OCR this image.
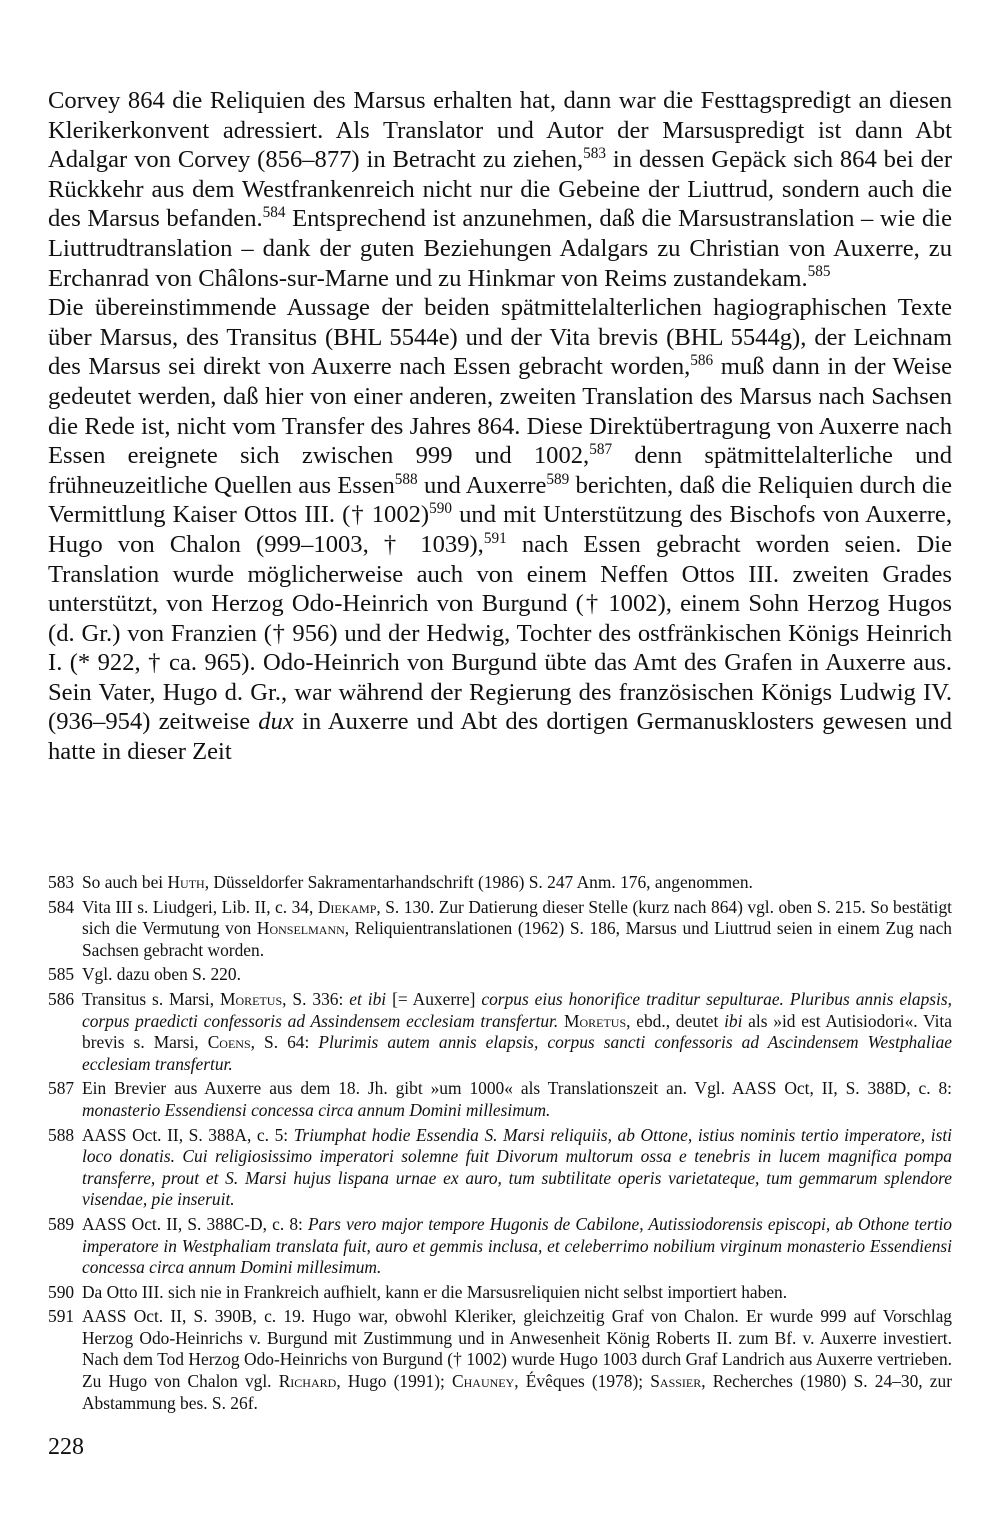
Corvey 864 die Reliquien des Marsus erhalten hat, dann war die Festtagspredigt an diesen Klerikerkonvent adressiert. Als Translator und Autor der Marsuspredigt ist dann Abt Adalgar von Corvey (856–877) in Betracht zu ziehen,$^{583}$ in dessen Gepäck sich 864 bei der Rückkehr aus dem Westfrankenreich nicht nur die Gebeine der Liuttrud, sondern auch die des Marsus befanden.$^{584}$ Entsprechend ist anzunehmen, daß die Marsustranslation – wie die Liuttrudtranslation – dank der guten Beziehungen Adalgars zu Christian von Auxerre, zu Erchanrad von Châlons-sur-Marne und zu Hinkmar von Reims zustandekam.$^{585}$

Die übereinstimmende Aussage der beiden spätmittelalterlichen hagiographischen Texte über Marsus, des Transitus (BHL 5544e) und der Vita brevis (BHL 5544g), der Leichnam des Marsus sei direkt von Auxerre nach Essen gebracht worden,$^{586}$ muß dann in der Weise gedeutet werden, daß hier von einer anderen, zweiten Translation des Marsus nach Sachsen die Rede ist, nicht vom Transfer des Jahres 864. Diese Direktübertragung von Auxerre nach Essen ereignete sich zwischen 999 und 1002,$^{587}$ denn spätmittelalterliche und frühneuzeitliche Quellen aus Essen$^{588}$ und Auxerre$^{589}$ berichten, daß die Reliquien durch die Vermittlung Kaiser Ottos III. († 1002)$^{590}$ und mit Unterstützung des Bischofs von Auxerre, Hugo von Chalon (999–1003, † 1039),$^{591}$ nach Essen gebracht worden seien. Die Translation wurde möglicherweise auch von einem Neffen Ottos III. zweiten Grades unterstützt, von Herzog Odo-Heinrich von Burgund († 1002), einem Sohn Herzog Hugos (d. Gr.) von Franzien († 956) und der Hedwig, Tochter des ostfränkischen Königs Heinrich I. (* 922, † ca. 965). Odo-Heinrich von Burgund übte das Amt des Grafen in Auxerre aus. Sein Vater, Hugo d. Gr., war während der Regierung des französischen Königs Ludwig IV. (936–954) zeitweise dux in Auxerre und Abt des dortigen Germanusklosters gewesen und hatte in dieser Zeit

583 So auch bei Huth, Düsseldorfer Sakramentarhandschrift (1986) S. 247 Anm. 176, angenommen.

584 Vita III s. Liudgeri, Lib. II, c. 34, Diekamp, S. 130. Zur Datierung dieser Stelle (kurz nach 864) vgl. oben S. 215. So bestätigt sich die Vermutung von Honselmann, Reliquientranslationen (1962) S. 186, Marsus und Liuttrud seien in einem Zug nach Sachsen gebracht worden.

585 Vgl. dazu oben S. 220.

586 Transitus s. Marsi, Moretus, S. 336: et ibi [= Auxerre] corpus eius honorifice traditur sepulturae. Pluribus annis elapsis, corpus praedicti confessoris ad Assindensem ecclesiam transfertur. Moretus, ebd., deutet ibi als »id est Autisiodori«. Vita brevis s. Marsi, Coens, S. 64: Plurimis autem annis elapsis, corpus sancti confessoris ad Ascindensem Westphaliae ecclesiam transfertur.

587 Ein Brevier aus Auxerre aus dem 18. Jh. gibt »um 1000« als Translationszeit an. Vgl. AASS Oct, II, S. 388D, c. 8: monasterio Essendiensi concessa circa annum Domini millesimum.

588 AASS Oct. II, S. 388A, c. 5: Triumphat hodie Essendia S. Marsi reliquiis, ab Ottone, istius nominis tertio imperatore, isti loco donatis. Cui religiosissimo imperatori solemne fuit Divorum multorum ossa e tenebris in lucem magnifica pompa transferre, prout et S. Marsi hujus lispana urnae ex auro, tum subtilitate operis varietateque, tum gemmarum splendore visendae, pie inseruit.

589 AASS Oct. II, S. 388C-D, c. 8: Pars vero major tempore Hugonis de Cabilone, Autissiodorensis episcopi, ab Othone tertio imperatore in Westphaliam translata fuit, auro et gemmis inclusa, et celeberrimo nobilium virginum monasterio Essendiensi concessa circa annum Domini millesimum.

590 Da Otto III. sich nie in Frankreich aufhielt, kann er die Marsusreliquien nicht selbst importiert haben.

591 AASS Oct. II, S. 390B, c. 19. Hugo war, obwohl Kleriker, gleichzeitig Graf von Chalon. Er wurde 999 auf Vorschlag Herzog Odo-Heinrichs v. Burgund mit Zustimmung und in Anwesenheit König Roberts II. zum Bf. v. Auxerre investiert. Nach dem Tod Herzog Odo-Heinrichs von Burgund († 1002) wurde Hugo 1003 durch Graf Landrich aus Auxerre vertrieben. Zu Hugo von Chalon vgl. Richard, Hugo (1991); Chauney, Évêques (1978); Sassier, Recherches (1980) S. 24–30, zur Abstammung bes. S. 26f.

228
